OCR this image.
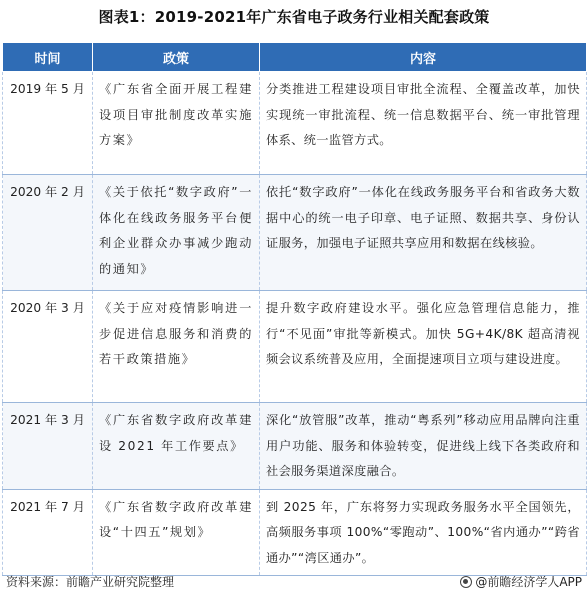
图表1：2019-2021年广东省电子政务行业相关配套政策
时间	政策	内容
2019 年 5 月	《广东省全面开展工程建设项目审批制度改革实施方案》	分类推进工程建设项目审批全流程、全覆盖改革，加快实现统一审批流程、统一信息数据平台、统一审批管理体系、统一监管方式。
2020 年 2 月	《关于依托“数字政府”一体化在线政务服务平台便利企业群众办事减少跑动的通知》	依托“数字政府”一体化在线政务服务平台和省政务大数据中心的统一电子印章、电子证照、数据共享、身份认证服务，加强电子证照共享应用和数据在线核验。
2020 年 3 月	《关于应对疫情影响进一步促进信息服务和消费的若干政策措施》	提升数字政府建设水平。强化应急管理信息能力，推行“不见面”审批等新模式。加快 5G+4K/8K 超高清视频会议系统普及应用，全面提速项目立项与建设进度。
2021 年 3 月	《广东省数字政府改革建设 2021 年工作要点》	深化“放管服”改革，推动“粤系列”移动应用品牌向注重用户功能、服务和体验转变，促进线上线下各类政府和社会服务渠道深度融合。
2021 年 7 月	《广东省数字政府改革建设“十四五”规划》	到 2025 年，广东将努力实现政务服务水平全国领先，高频服务事项 100%“零跑动”、100%“省内通办”“跨省通办”“湾区通办”。
资料来源：前瞻产业研究院整理	@前瞻经济学人APP
